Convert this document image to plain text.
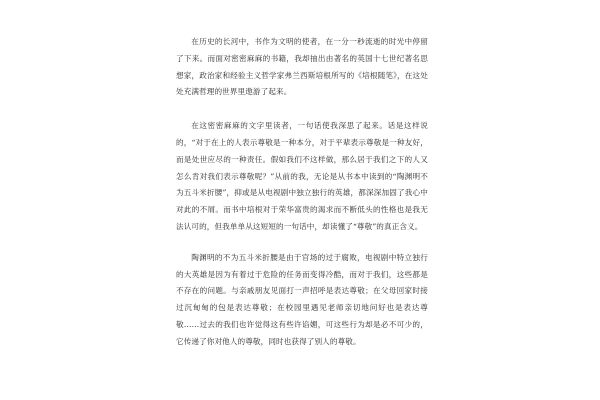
在历史的长河中，书作为文明的使者，在一分一秒流逝的时光中停留了下来。而面对密密麻麻的书籍，我却抽出由著名的英国十七世纪著名思想家，政治家和经验主义哲学家弗兰西斯培根所写的《培根随笔》，在这处处充满哲理的世界里遨游了起来。

在这密密麻麻的文字里读者，一句话使我深思了起来。话是这样说的，“对于在上的人表示尊敬是一种本分，对于平辈表示尊敬是一种友好，而是处世应尽的一种责任。假如我们不这样做，那么居于我们之下的人又怎么肯对我们表示尊敬呢？”从前的我，无论是从书本中读到的“陶渊明不为五斗米折腰”，抑或是从电视剧中独立独行的英雄，都深深加固了我心中对此的不屑。而书中培根对于荣华富贵的渴求而不断低头的性格也是我无法认可的，但我单单从这短短的一句话中，却读懂了“尊敬”的真正含义。

陶渊明的不为五斗米折腰是由于官场的过于腐败，电视剧中特立独行的大英雄是因为有着过于危险的任务而变得冷酷，而对于我们，这些都是不存在的问题。与亲戚朋友见面打一声招呼是表达尊敬；在父母回家时接过沉甸甸的包是表达尊敬；在校园里遇见老师亲切地问好也是表达尊敬……过去的我们也许觉得这有些许谄媚，可这些行为却是必不可少的，它传递了你对他人的尊敬，同时也获得了别人的尊敬。
